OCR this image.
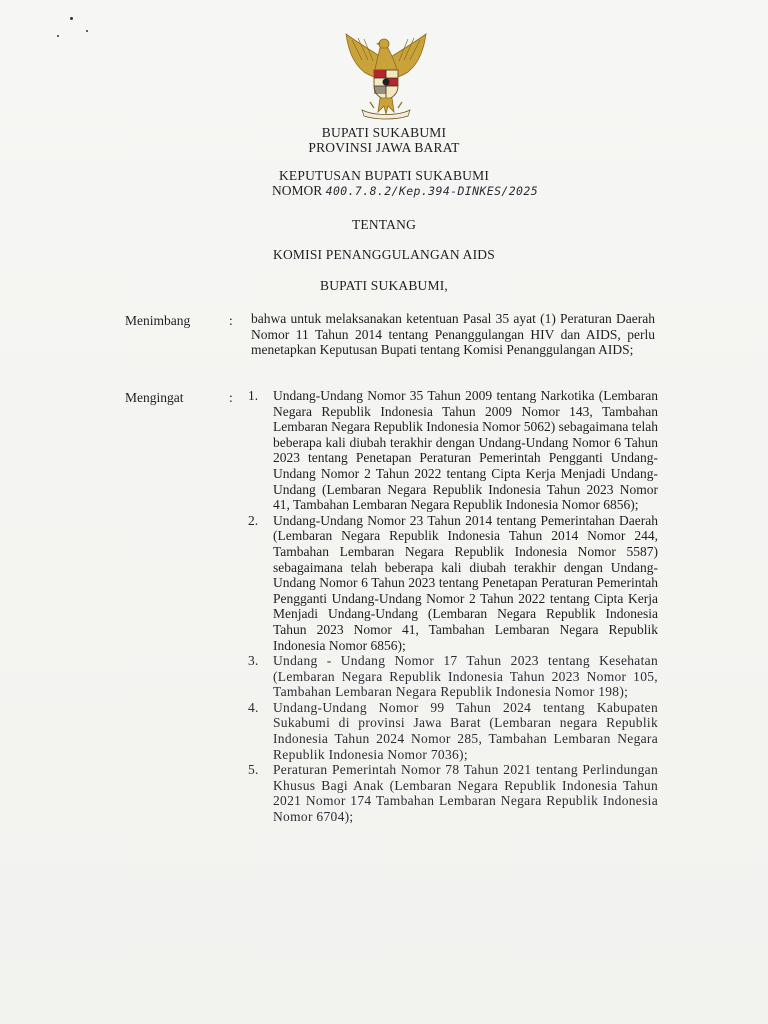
BUPATI SUKABUMI
PROVINSI JAWA BARAT
KEPUTUSAN BUPATI SUKABUMI
NOMOR 400.7.8.2/Kep.394-DINKES/2025
TENTANG
KOMISI PENANGGULANGAN AIDS
BUPATI SUKABUMI,
Menimbang	: bahwa untuk melaksanakan ketentuan Pasal 35 ayat (1) Peraturan Daerah Nomor 11 Tahun 2014 tentang Penanggulangan HIV dan AIDS, perlu menetapkan Keputusan Bupati tentang Komisi Penanggulangan AIDS;
Mengingat	: 1. Undang-Undang Nomor 35 Tahun 2009 tentang Narkotika (Lembaran Negara Republik Indonesia Tahun 2009 Nomor 143, Tambahan Lembaran Negara Republik Indonesia Nomor 5062) sebagaimana telah beberapa kali diubah terakhir dengan Undang-Undang Nomor 6 Tahun 2023 tentang Penetapan Peraturan Pemerintah Pengganti Undang-Undang Nomor 2 Tahun 2022 tentang Cipta Kerja Menjadi Undang-Undang (Lembaran Negara Republik Indonesia Tahun 2023 Nomor 41, Tambahan Lembaran Negara Republik Indonesia Nomor 6856);
2. Undang-Undang Nomor 23 Tahun 2014 tentang Pemerintahan Daerah (Lembaran Negara Republik Indonesia Tahun 2014 Nomor 244, Tambahan Lembaran Negara Republik Indonesia Nomor 5587) sebagaimana telah beberapa kali diubah terakhir dengan Undang-Undang Nomor 6 Tahun 2023 tentang Penetapan Peraturan Pemerintah Pengganti Undang-Undang Nomor 2 Tahun 2022 tentang Cipta Kerja Menjadi Undang-Undang (Lembaran Negara Republik Indonesia Tahun 2023 Nomor 41, Tambahan Lembaran Negara Republik Indonesia Nomor 6856);
3. Undang - Undang Nomor 17 Tahun 2023 tentang Kesehatan (Lembaran Negara Republik Indonesia Tahun 2023 Nomor 105, Tambahan Lembaran Negara Republik Indonesia Nomor 198);
4. Undang-Undang Nomor 99 Tahun 2024 tentang Kabupaten Sukabumi di provinsi Jawa Barat (Lembaran negara Republik Indonesia Tahun 2024 Nomor 285, Tambahan Lembaran Negara Republik Indonesia Nomor 7036);
5. Peraturan Pemerintah Nomor 78 Tahun 2021 tentang Perlindungan Khusus Bagi Anak (Lembaran Negara Republik Indonesia Tahun 2021 Nomor 174 Tambahan Lembaran Negara Republik Indonesia Nomor 6704);
